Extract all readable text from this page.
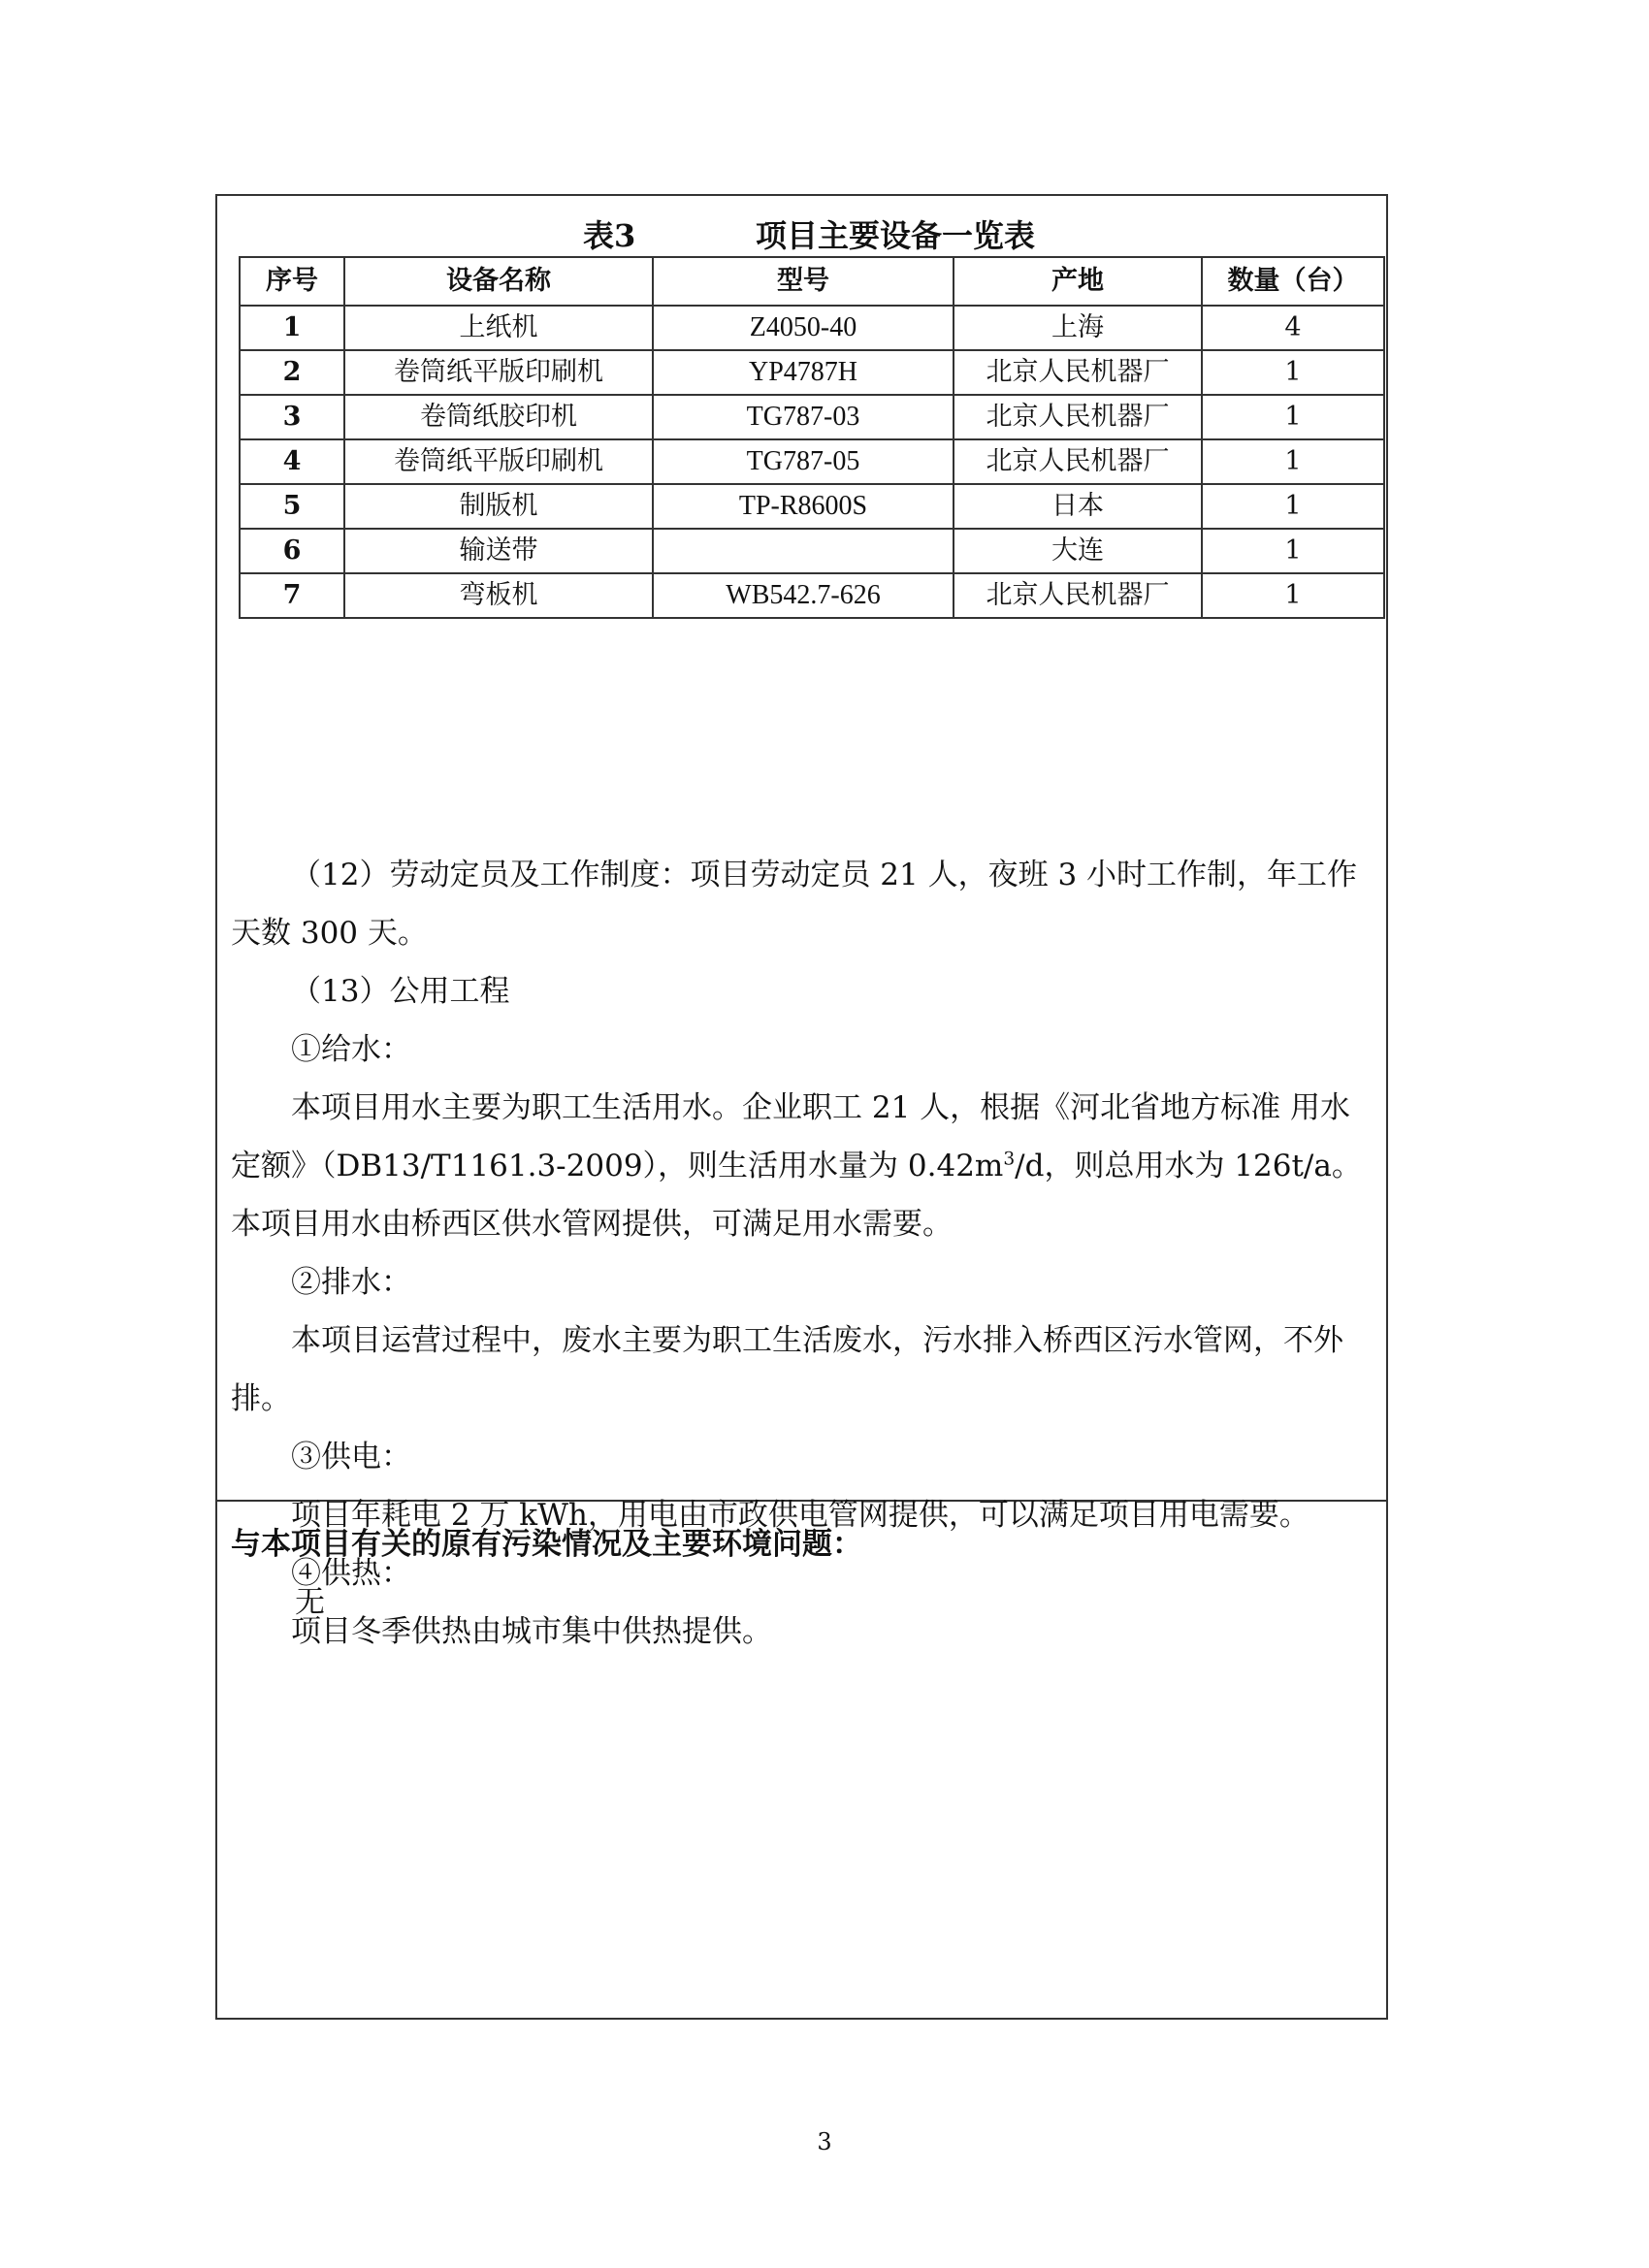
表3	项目主要设备一览表
序号	设备名称	型号	产地	数量（台）
1	上纸机	Z4050-40	上海	4
2	卷筒纸平版印刷机	YP4787H	北京人民机器厂	1
3	卷筒纸胶印机	TG787-03	北京人民机器厂	1
4	卷筒纸平版印刷机	TG787-05	北京人民机器厂	1
5	制版机	TP-R8600S	日本	1
6	输送带		大连	1
7	弯板机	WB542.7-626	北京人民机器厂	1

（12）劳动定员及工作制度：项目劳动定员 21 人，夜班 3 小时工作制，年工作天数 300 天。

（13）公用工程

①给水：

本项目用水主要为职工生活用水。企业职工 21 人，根据《河北省地方标准 用水定额》（DB13/T1161.3-2009），则生活用水量为 $0.42m^3/d$，则总用水为 126t/a。本项目用水由桥西区供水管网提供，可满足用水需要。

②排水：

本项目运营过程中，废水主要为职工生活废水，污水排入桥西区污水管网，不外排。

③供电：

项目年耗电 2 万 kWh，用电由市政供电管网提供，可以满足项目用电需要。

④供热：

项目冬季供热由城市集中供热提供。

与本项目有关的原有污染情况及主要环境问题：
无
3
